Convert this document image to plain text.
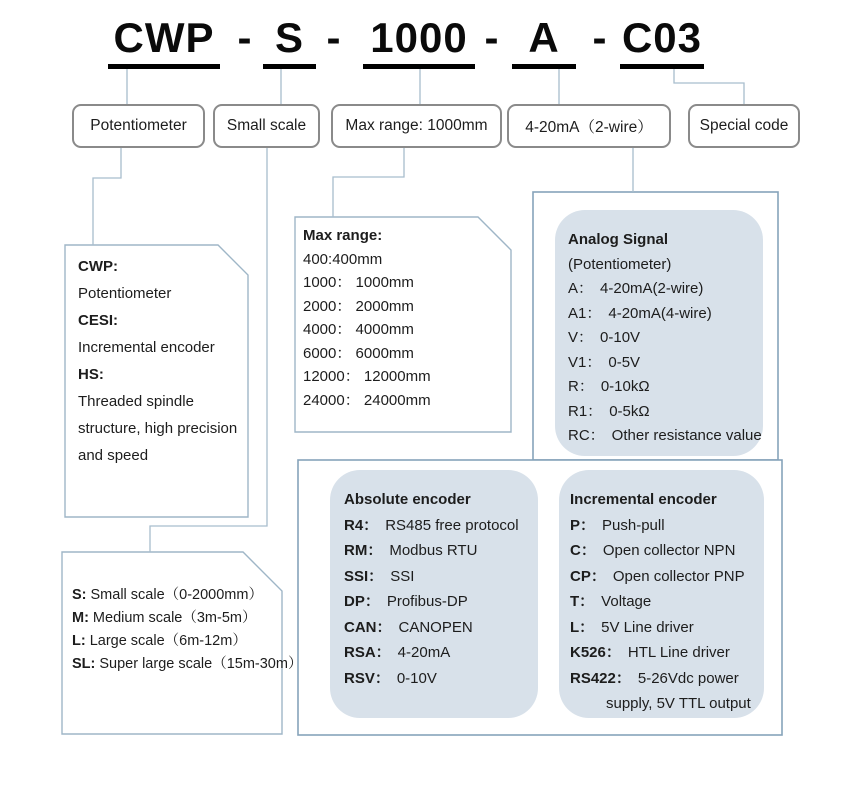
CWP - S - 1000 - A - C03
Potentiometer	Small scale	Max range: 1000mm 4-20mA（2-wire）	Special code
CWP:
Potentiometer
CESI:
Incremental encoder
HS:
Threaded spindle structure, high precision and speed
Max range:
400:400mm
1000： 1000mm
2000： 2000mm
4000： 4000mm
6000： 6000mm
12000： 12000mm
24000： 24000mm
S: Small scale（0-2000mm）
M: Medium scale（3m-5m）
L: Large scale（6m-12m）
SL: Super large scale（15m-30m）
Analog Signal
(Potentiometer)
A： 4-20mA(2-wire)
A1： 4-20mA(4-wire)
V： 0-10V
V1： 0-5V
R： 0-10kΩ
R1： 0-5kΩ
RC： Other resistance value
Absolute encoder
R4： RS485 free protocol
RM： Modbus RTU
SSI： SSI
DP： Profibus-DP
CAN： CANOPEN
RSA： 4-20mA
RSV： 0-10V
Incremental encoder
P： Push-pull
C： Open collector NPN
CP： Open collector PNP
T： Voltage
L： 5V Line driver
K526： HTL Line driver
RS422： 5-26Vdc power supply, 5V TTL output
